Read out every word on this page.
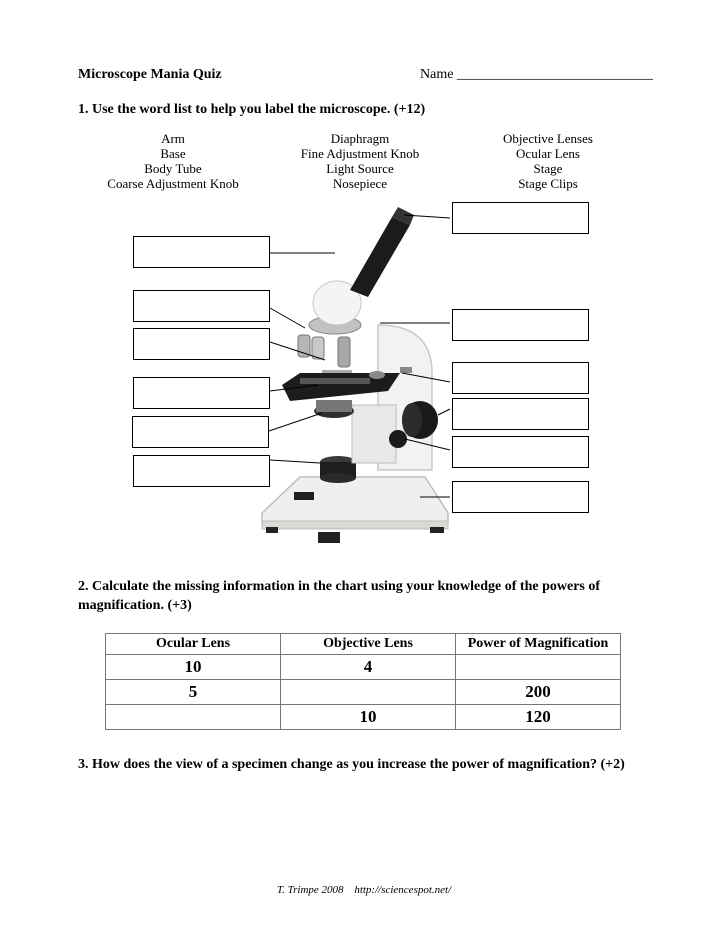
Microscope Mania Quiz	Name ____________________________
1. Use the word list to help you label the microscope. (+12)
Arm
Base
Body Tube
Coarse Adjustment Knob
Diaphragm
Fine Adjustment Knob
Light Source
Nosepiece
Objective Lenses
Ocular Lens
Stage
Stage Clips
2. Calculate the missing information in the chart using your knowledge of the powers of magnification. (+3)
Ocular Lens	Objective Lens	Power of Magnification
10	4	
5		200
	10	120
3. How does the view of a specimen change as you increase the power of magnification? (+2)
T. Trimpe 2008 http://sciencespot.net/
